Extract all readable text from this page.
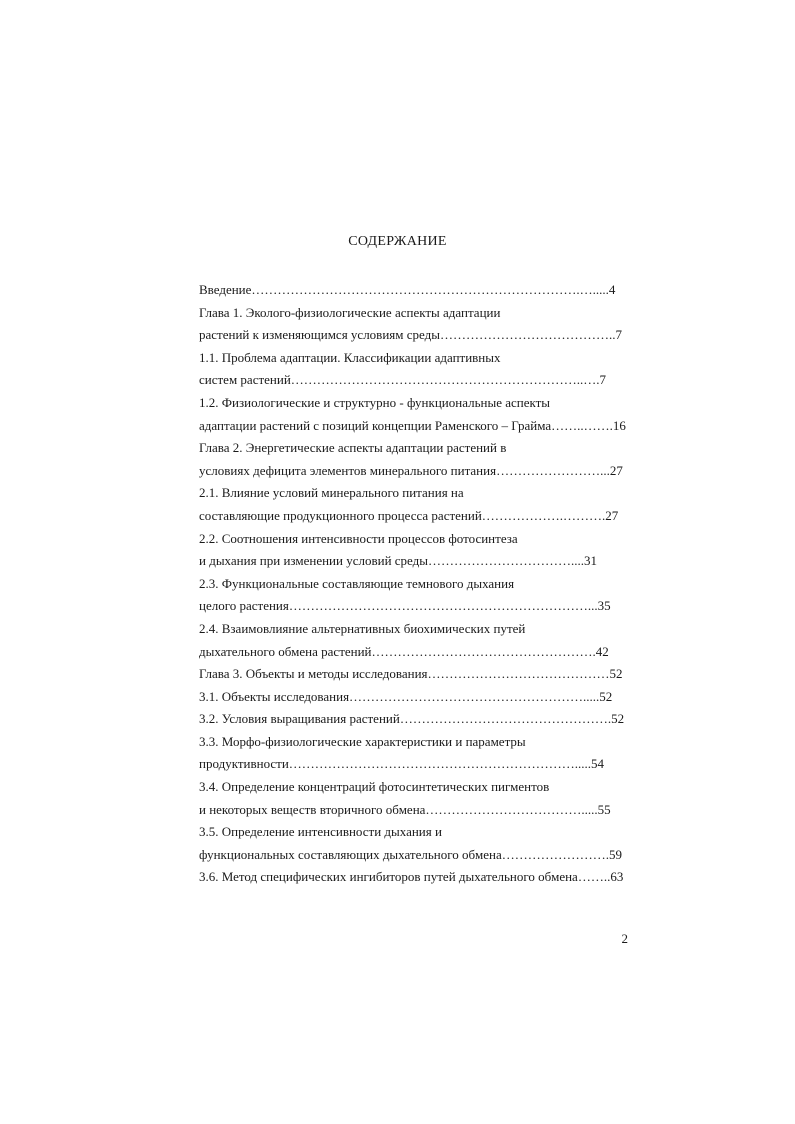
СОДЕРЖАНИЕ
Введение………………………………………………………………….….....4
Глава 1. Эколого-физиологические аспекты адаптации
растений к изменяющимся условиям среды…………………………………..7
1.1. Проблема адаптации. Классификации адаптивных
систем растений…………………………………………………………..….7
1.2. Физиологические и структурно - функциональные аспекты
адаптации растений с позиций концепции Раменского – Грайма……..…….16
Глава 2. Энергетические аспекты адаптации растений в
условиях дефицита элементов минерального питания……………………...27
2.1. Влияние условий минерального питания на
составляющие продукционного процесса растений……………….……….27
2.2. Соотношения интенсивности процессов фотосинтеза
и дыхания при изменении условий среды……………………………....31
2.3. Функциональные составляющие темнового дыхания
целого растения……………………………………………………………...35
2.4. Взаимовлияние альтернативных биохимических путей
дыхательного обмена растений…………………………………………….42
Глава 3. Объекты и методы исследования……………………………………52
3.1. Объекты исследования……………………………………………….....52
3.2. Условия выращивания растений………………………………………….52
3.3. Морфо-физиологические характеристики и параметры
продуктивности………………………………………………………….....54
3.4. Определение концентраций фотосинтетических пигментов
и некоторых веществ вторичного обмена……………………………….....55
3.5. Определение интенсивности дыхания и
функциональных составляющих дыхательного обмена…………………….59
3.6. Метод специфических ингибиторов путей дыхательного обмена……..63
2
